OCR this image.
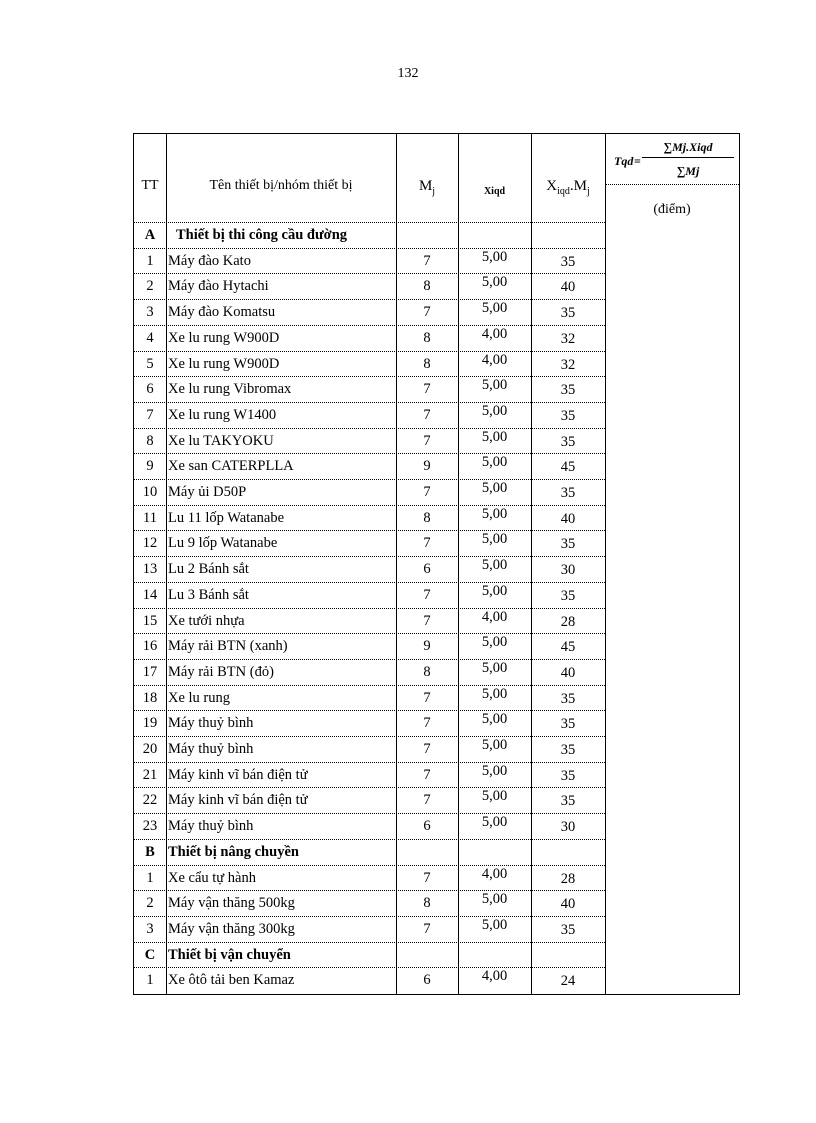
132
TT	Tên thiết bị/nhóm thiết bị	$M_j$	Xiqd	$X_{iqd}.M_j$
Tqd =
∑Mj.Xiqd
∑Mj
(điểm)
A	Thiết bị thi công cầu đường
1 Máy đào Kato	7	5,00	35
2 Máy đào Hytachi	8	5,00	40
3 Máy đào Komatsu	7	5,00	35
4 Xe lu rung W900D	8	4,00	32
5 Xe lu rung W900D	8	4,00	32
6 Xe lu rung Vibromax	7	5,00	35
7 Xe lu rung W1400	7	5,00	35
8 Xe lu TAKYOKU	7	5,00	35
9 Xe san CATERPLLA	9	5,00	45
10 Máy ủi D50P	7	5,00	35
11 Lu 11 lốp Watanabe	8	5,00	40
12 Lu 9 lốp Watanabe	7	5,00	35
13 Lu 2 Bánh sắt	6	5,00	30
14 Lu 3 Bánh sắt	7	5,00	35
15 Xe tưới nhựa	7	4,00	28
16 Máy rải BTN (xanh)	9	5,00	45
17 Máy rải BTN (đỏ)	8	5,00	40
18 Xe lu rung	7	5,00	35
19 Máy thuỷ bình	7	5,00	35
20 Máy thuỷ bình	7	5,00	35
21 Máy kinh vĩ bán điện tử	7	5,00	35
22 Máy kinh vĩ bán điện tử	7	5,00	35
23 Máy thuỷ bình	6	5,00	30
B Thiết bị nâng chuyền
1 Xe cẩu tự hành	7	4,00	28
2 Máy vận thăng 500kg	8	5,00	40
3 Máy vận thăng 300kg	7	5,00	35
C Thiết bị vận chuyển
1 Xe ôtô tải ben Kamaz	6	4,00	24
